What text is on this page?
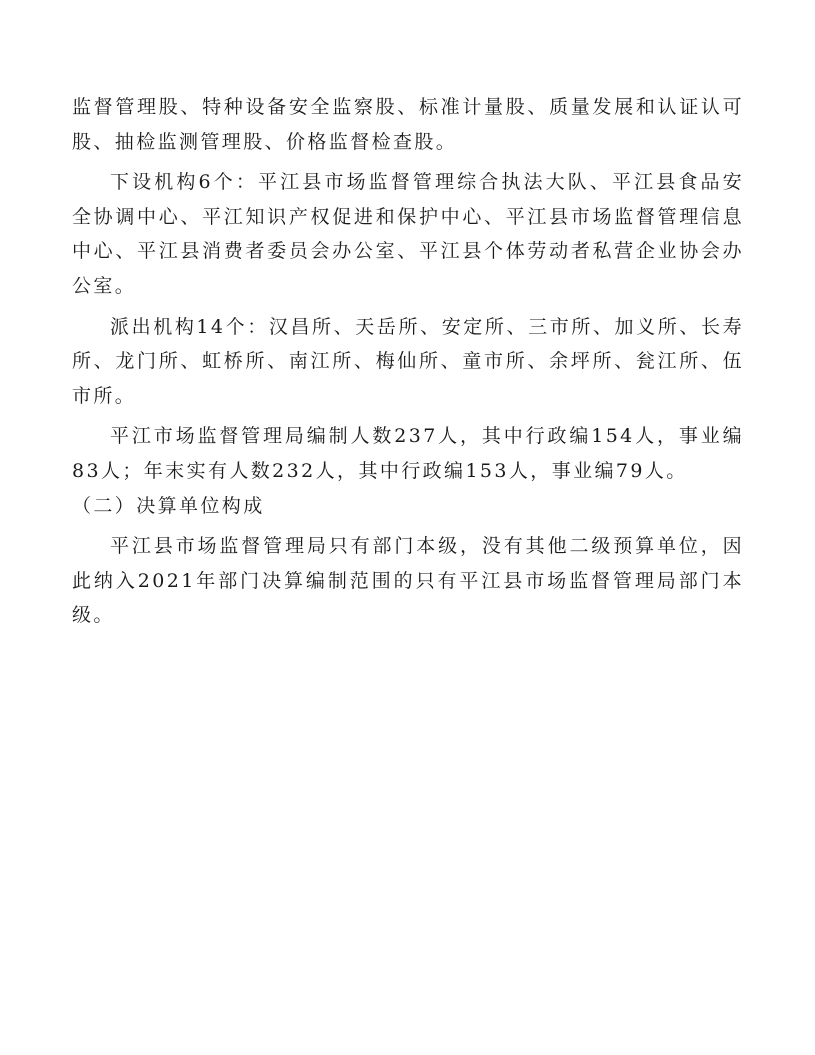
监督管理股、特种设备安全监察股、标准计量股、质量发展和认证认可股、抽检监测管理股、价格监督检查股。

下设机构6个：平江县市场监督管理综合执法大队、平江县食品安全协调中心、平江知识产权促进和保护中心、平江县市场监督管理信息中心、平江县消费者委员会办公室、平江县个体劳动者私营企业协会办公室。

派出机构14个：汉昌所、天岳所、安定所、三市所、加义所、长寿所、龙门所、虹桥所、南江所、梅仙所、童市所、余坪所、瓮江所、伍市所。

平江市场监督管理局编制人数237人，其中行政编154人，事业编83人；年末实有人数232人，其中行政编153人，事业编79人。

（二）决算单位构成

平江县市场监督管理局只有部门本级，没有其他二级预算单位，因此纳入2021年部门决算编制范围的只有平江县市场监督管理局部门本级。
